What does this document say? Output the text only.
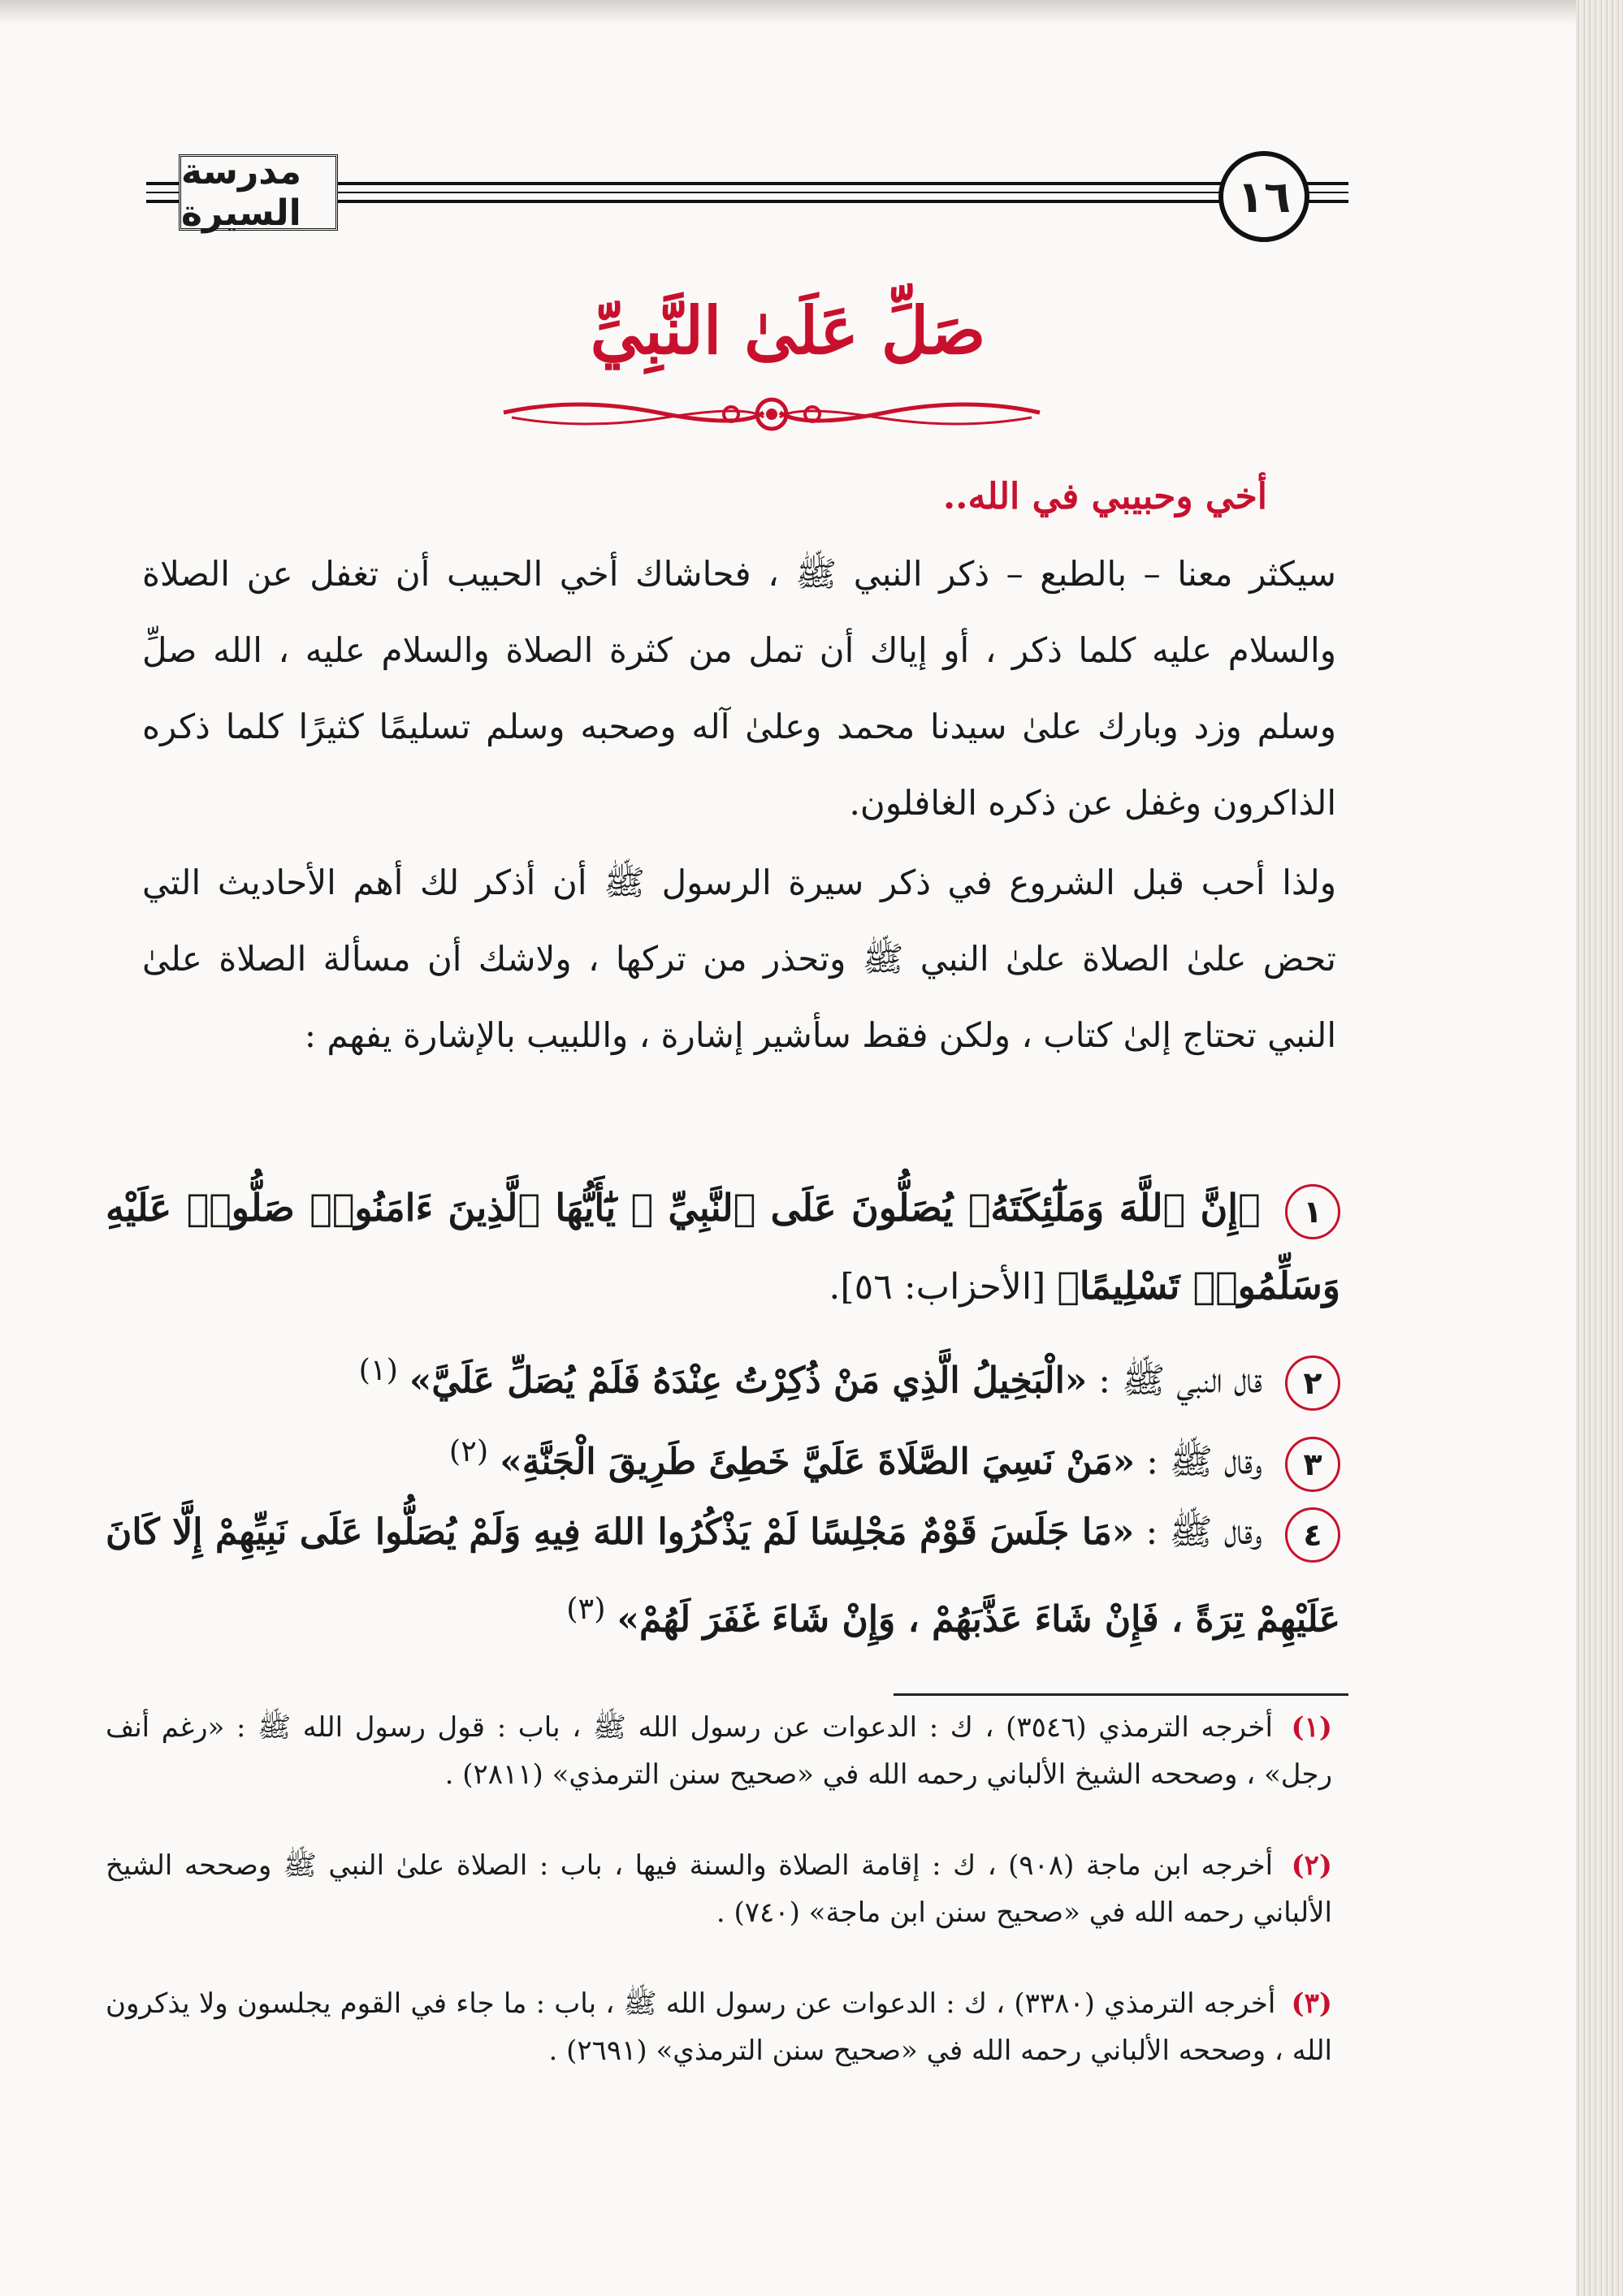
مدرسة السيرة	١٦
صَلِّ عَلَىٰ النَّبِيِّ
أخي وحبيبي في الله..
سيكثر معنا – بالطبع – ذكر النبي ﷺ ، فحاشاك أخي الحبيب أن تغفل عن الصلاة والسلام عليه كلما ذكر ، أو إياك أن تمل من كثرة الصلاة والسلام عليه ، الله صلِّ وسلم وزد وبارك علىٰ سيدنا محمد وعلىٰ آله وصحبه وسلم تسليمًا كثيرًا كلما ذكره الذاكرون وغفل عن ذكره الغافلون.
ولذا أحب قبل الشروع في ذكر سيرة الرسول ﷺ أن أذكر لك أهم الأحاديث التي تحض علىٰ الصلاة علىٰ النبي ﷺ وتحذر من تركها ، ولاشك أن مسألة الصلاة علىٰ النبي تحتاج إلىٰ كتاب ، ولكن فقط سأشير إشارة ، واللبيب بالإشارة يفهم :
١ ﴿إِنَّ ٱللَّهَ وَمَلَٰٓئِكَتَهُۥ يُصَلُّونَ عَلَى ٱلنَّبِيِّ ۚ يَٰٓأَيُّهَا ٱلَّذِينَ ءَامَنُوا۟ صَلُّوا۟ عَلَيْهِ وَسَلِّمُوا۟ تَسْلِيمًا﴾ [الأحزاب: ٥٦].
٢ قال النبي ﷺ : «الْبَخِيلُ الَّذِي مَنْ ذُكِرْتُ عِنْدَهُ فَلَمْ يُصَلِّ عَلَيَّ» $^{(١)}$
٣ وقال ﷺ : «مَنْ نَسِيَ الصَّلَاةَ عَلَيَّ خَطِئَ طَرِيقَ الْجَنَّةِ» $^{(٢)}$
٤ وقال ﷺ : «مَا جَلَسَ قَوْمٌ مَجْلِسًا لَمْ يَذْكُرُوا اللهَ فِيهِ وَلَمْ يُصَلُّوا عَلَى نَبِيِّهِمْ إِلَّا كَانَ عَلَيْهِمْ تِرَةً ، فَإِنْ شَاءَ عَذَّبَهُمْ ، وَإِنْ شَاءَ غَفَرَ لَهُمْ» $^{(٣)}$
(١) أخرجه الترمذي (٣٥٤٦) ، ك : الدعوات عن رسول الله ﷺ ، باب : قول رسول الله ﷺ : «رغم أنف رجل» ، وصححه الشيخ الألباني رحمه الله في «صحيح سنن الترمذي» (٢٨١١) .
(٢) أخرجه ابن ماجة (٩٠٨) ، ك : إقامة الصلاة والسنة فيها ، باب : الصلاة علىٰ النبي ﷺ وصححه الشيخ الألباني رحمه الله في «صحيح سنن ابن ماجة» (٧٤٠) .
(٣) أخرجه الترمذي (٣٣٨٠) ، ك : الدعوات عن رسول الله ﷺ ، باب : ما جاء في القوم يجلسون ولا يذكرون الله ، وصححه الألباني رحمه الله في «صحيح سنن الترمذي» (٢٦٩١) .
